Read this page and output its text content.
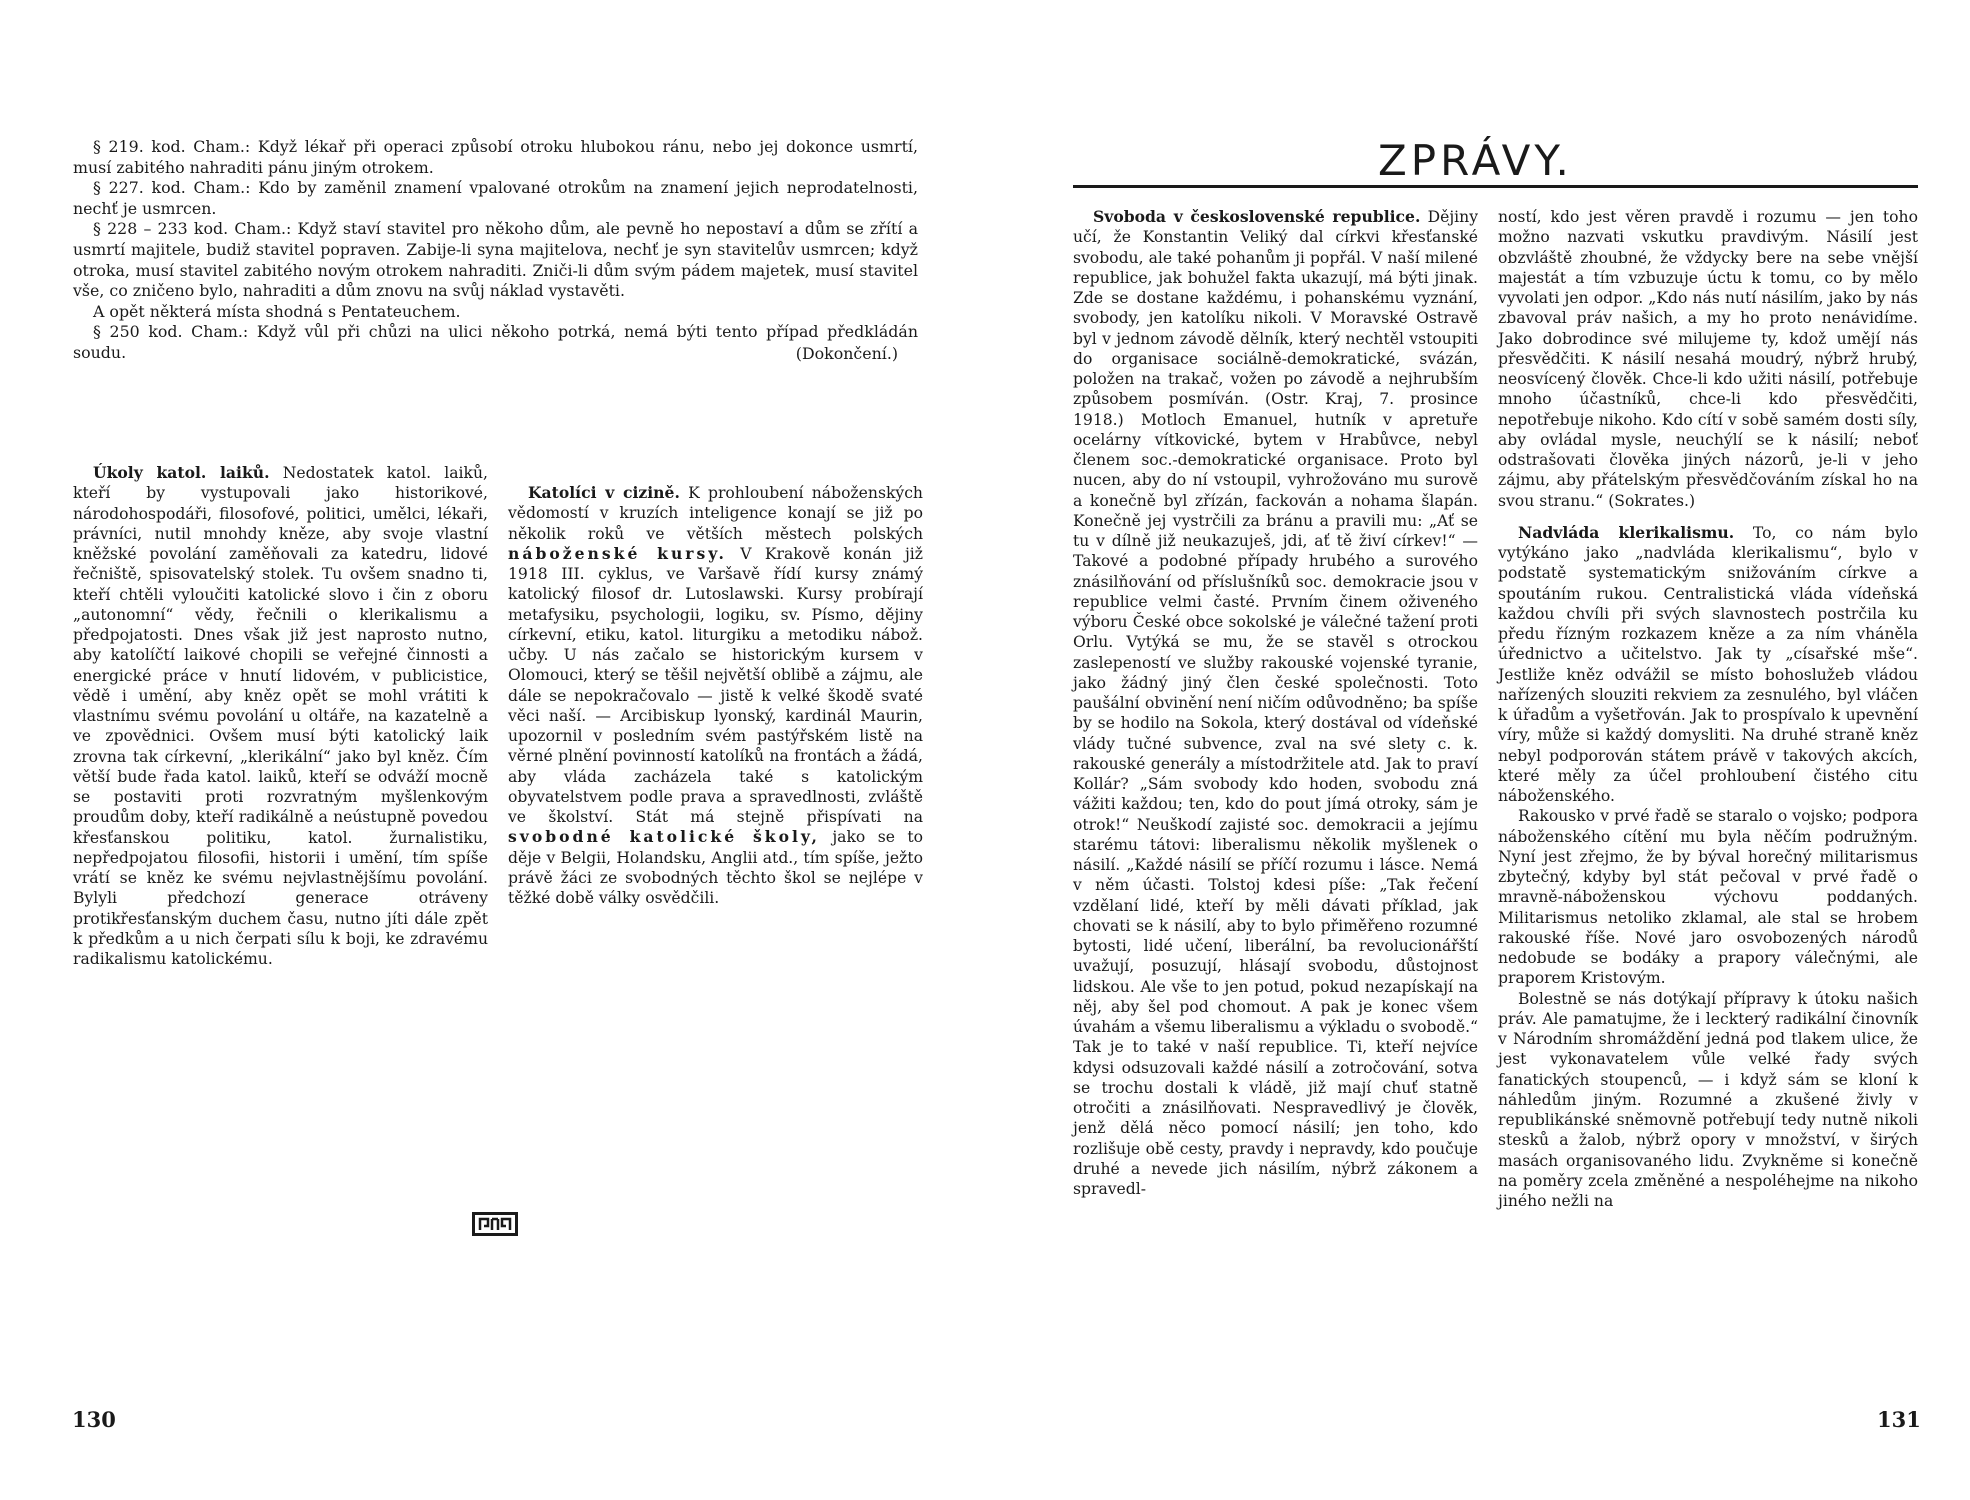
§ 219. kod. Cham.: Když lékař při operaci způsobí otroku hlubokou ránu, nebo jej dokonce usmrtí, musí zabitého nahraditi pánu jiným otrokem.

§ 227. kod. Cham.: Kdo by zaměnil znamení vpalované otrokům na znamení jejich neprodatelnosti, nechť je usmrcen.

§ 228 – 233 kod. Cham.: Když staví stavitel pro někoho dům, ale pevně ho nepostaví a dům se zřítí a usmrtí majitele, budiž stavitel popraven. Zabije-li syna majitelova, nechť je syn stavitelův usmrcen; když otroka, musí stavitel zabitého novým otrokem nahraditi. Zniči-li dům svým pádem majetek, musí stavitel vše, co zničeno bylo, nahraditi a dům znovu na svůj náklad vystavěti.

A opět některá místa shodná s Pentateuchem.

§ 250 kod. Cham.: Když vůl při chůzi na ulici někoho potrká, nemá býti tento případ předkládán soudu.	(Dokončení.)

Úkoly katol. laiků. Nedostatek katol. laiků, kteří by vystupovali jako historikové, národohospodáři, filosofové, politici, umělci, lékaři, právníci, nutil mnohdy kněze, aby svoje vlastní kněžské povolání zaměňovali za katedru, lidové řečniště, spisovatelský stolek. Tu ovšem snadno ti, kteří chtěli vyloučiti katolické slovo i čin z oboru „autonomní“ vědy, řečnili o klerikalismu a předpojatosti. Dnes však již jest naprosto nutno, aby katolíčtí laikové chopili se veřejné činnosti a energické práce v hnutí lidovém, v publicistice, vědě i umění, aby kněz opět se mohl vrátiti k vlastnímu svému povolání u oltáře, na kazatelně a ve zpovědnici. Ovšem musí býti katolický laik zrovna tak církevní, „klerikální“ jako byl kněz. Čím větší bude řada katol. laiků, kteří se odváží mocně se postaviti proti rozvratným myšlenkovým proudům doby, kteří radikálně a neústupně povedou křesťanskou politiku, katol. žurnalistiku, nepředpojatou filosofii, historii i umění, tím spíše vrátí se kněz ke svému nejvlastnějšímu povolání. Bylyli předchozí generace otráveny protikřesťanským duchem času, nutno jíti dále zpět k předkům a u nich čerpati sílu k boji, ke zdravému radikalismu katolickému.

Katolíci v cizině. K prohloubení náboženských vědomostí v kruzích inteligence konají se již po několik roků ve větších městech polských náboženské kursy. V Krakově konán již 1918 III. cyklus, ve Varšavě řídí kursy známý katolický filosof dr. Lutoslawski. Kursy probírají metafysiku, psychologii, logiku, sv. Písmo, dějiny církevní, etiku, katol. liturgiku a metodiku nábož. učby. U nás začalo se historickým kursem v Olomouci, který se těšil největší oblibě a zájmu, ale dále se nepokračovalo — jistě k velké škodě svaté věci naší. — Arcibiskup lyonský, kardinál Maurin, upozornil v posledním svém pastýřském listě na věrné plnění povinností katolíků na frontách a žádá, aby vláda zacházela také s katolickým obyvatelstvem podle prava a spravedlnosti, zvláště ve školství. Stát má stejně přispívati na svobodné katolické školy, jako se to děje v Belgii, Holandsku, Anglii atd., tím spíše, ježto právě žáci ze svobodných těchto škol se nejlépe v těžké době války osvědčili.

130
ZPRÁVY.

Svoboda v československé republice. Dějiny učí, že Konstantin Veliký dal církvi křesťanské svobodu, ale také pohanům ji popřál. V naší milené republice, jak bohužel fakta ukazují, má býti jinak. Zde se dostane každému, i pohanskému vyznání, svobody, jen katolíku nikoli. V Moravské Ostravě byl v jednom závodě dělník, který nechtěl vstoupiti do organisace sociálně-demokratické, svázán, položen na trakač, vožen po závodě a nejhrubším způsobem posmíván. (Ostr. Kraj, 7. prosince 1918.) Motloch Emanuel, hutník v apretuře ocelárny vítkovické, bytem v Hrabůvce, nebyl členem soc.-demokratické organisace. Proto byl nucen, aby do ní vstoupil, vyhrožováno mu surově a konečně byl zřízán, fackován a nohama šlapán. Konečně jej vystrčili za bránu a pravili mu: „Ať se tu v dílně již neukazuješ, jdi, ať tě živí církev!“ — Takové a podobné případy hrubého a surového znásilňování od příslušníků soc. demokracie jsou v republice velmi časté. Prvním činem oživeného výboru České obce sokolské je válečné tažení proti Orlu. Vytýká se mu, že se stavěl s otrockou zaslepeností ve služby rakouské vojenské tyranie, jako žádný jiný člen české společnosti. Toto paušální obvinění není ničím odůvodněno; ba spíše by se hodilo na Sokola, který dostával od vídeňské vlády tučné subvence, zval na své slety c. k. rakouské generály a místodržitele atd. Jak to praví Kollár? „Sám svobody kdo hoden, svobodu zná vážiti každou; ten, kdo do pout jímá otroky, sám je otrok!“ Neuškodí zajisté soc. demokracii a jejímu starému tátovi: liberalismu několik myšlenek o násilí. „Každé násilí se příčí rozumu i lásce. Nemá v něm účasti. Tolstoj kdesi píše: „Tak řečení vzdělaní lidé, kteří by měli dávati příklad, jak chovati se k násilí, aby to bylo přiměřeno rozumné bytosti, lidé učení, liberální, ba revolucionářští uvažují, posuzují, hlásají svobodu, důstojnost lidskou. Ale vše to jen potud, pokud nezapískají na něj, aby šel pod chomout. A pak je konec všem úvahám a všemu liberalismu a výkladu o svobodě.“ Tak je to také v naší republice. Ti, kteří nejvíce kdysi odsuzovali každé násilí a zotročování, sotva se trochu dostali k vládě, již mají chuť statně otročiti a znásilňovati. Nespravedlivý je člověk, jenž dělá něco pomocí násilí; jen toho, kdo rozlišuje obě cesty, pravdy i nepravdy, kdo poučuje druhé a nevede jich násilím, nýbrž zákonem a spravedl-

ností, kdo jest věren pravdě i rozumu — jen toho možno nazvati vskutku pravdivým. Násilí jest obzvláště zhoubné, že vždycky bere na sebe vnější majestát a tím vzbuzuje úctu k tomu, co by mělo vyvolati jen odpor. „Kdo nás nutí násilím, jako by nás zbavoval práv našich, a my ho proto nenávidíme. Jako dobrodince své milujeme ty, kdož umějí nás přesvědčiti. K násilí nesahá moudrý, nýbrž hrubý, neosvícený člověk. Chce-li kdo užiti násilí, potřebuje mnoho účastníků, chce-li kdo přesvědčiti, nepotřebuje nikoho. Kdo cítí v sobě samém dosti síly, aby ovládal mysle, neuchýlí se k násilí; neboť odstrašovati člověka jiných názorů, je-li v jeho zájmu, aby přátelským přesvědčováním získal ho na svou stranu.“ (Sokrates.)

Nadvláda klerikalismu. To, co nám bylo vytýkáno jako „nadvláda klerikalismu“, bylo v podstatě systematickým snižováním církve a spoutáním rukou. Centralistická vláda vídeňská každou chvíli při svých slavnostech postrčila ku předu řízným rozkazem kněze a za ním vháněla úřednictvo a učitelstvo. Jak ty „císařské mše“. Jestliže kněz odvážil se místo bohoslužeb vládou nařízených slouziti rekviem za zesnulého, byl vláčen k úřadům a vyšetřován. Jak to prospívalo k upevnění víry, může si každý domysliti. Na druhé straně kněz nebyl podporován státem právě v takových akcích, které měly za účel prohloubení čistého citu náboženského.

Rakousko v prvé řadě se staralo o vojsko; podpora náboženského cítění mu byla něčím podružným. Nyní jest zřejmo, že by býval horečný militarismus zbytečný, kdyby byl stát pečoval v prvé řadě o mravně-náboženskou výchovu poddaných. Militarismus netoliko zklamal, ale stal se hrobem rakouské říše. Nové jaro osvobozených národů nedobude se bodáky a prapory válečnými, ale praporem Kristovým.

Bolestně se nás dotýkají přípravy k útoku našich práv. Ale pamatujme, že i leckterý radikální činovník v Národním shromáždění jedná pod tlakem ulice, že jest vykonavatelem vůle velké řady svých fanatických stoupenců, — i když sám se kloní k náhledům jiným. Rozumné a zkušené živly v republikánské sněmovně potřebují tedy nutně nikoli stesků a žalob, nýbrž opory v množství, v širých masách organisovaného lidu. Zvykněme si konečně na poměry zcela změněné a nespoléhejme na nikoho jiného nežli na

131
